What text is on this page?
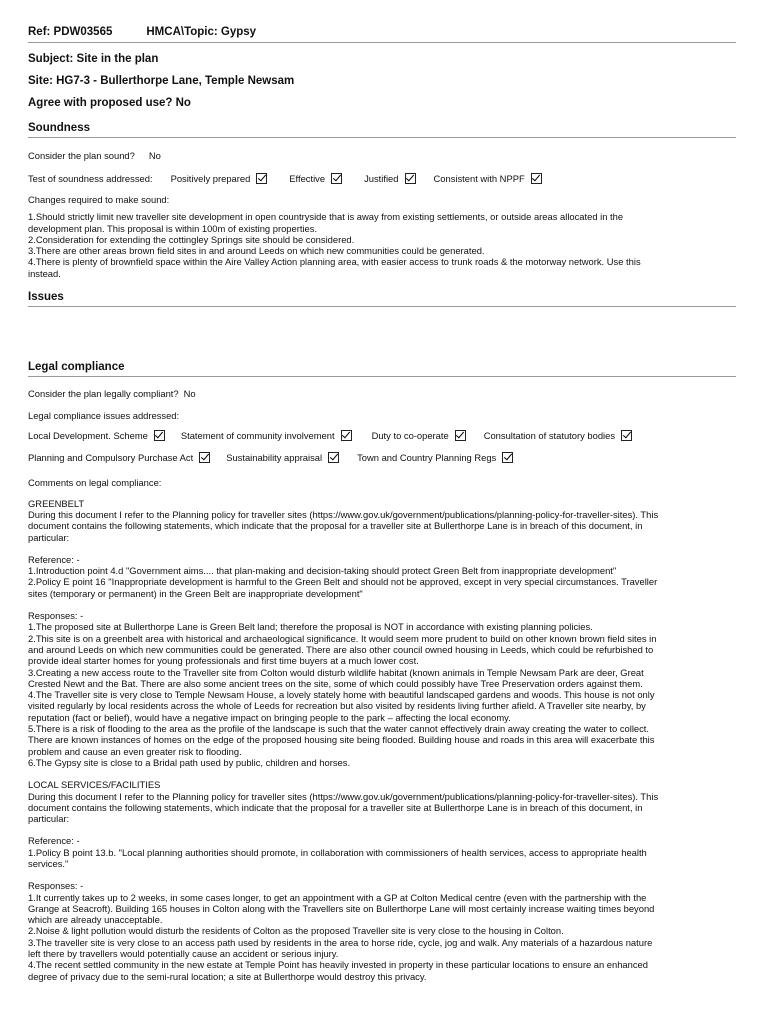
Ref: PDW03565	HMCA\Topic: Gypsy
Subject: Site in the plan
Site: HG7-3 - Bullerthorpe Lane, Temple Newsam
Agree with proposed use? No
Soundness
Consider the plan sound? No
Test of soundness addressed: Positively prepared	Effective	Justified	Consistent with NPPF
Changes required to make sound:

1.Should strictly limit new traveller site development in open countryside that is away from existing settlements, or outside areas allocated in the

development plan. This proposal is within 100m of existing properties.

2.Consideration for extending the cottingley Springs site should be considered.

3.There are other areas brown field sites in and around Leeds on which new communities could be generated.

4.There is plenty of brownfield space within the Aire Valley Action planning area, with easier access to trunk roads & the motorway network. Use this

instead.

Issues
Legal compliance
Consider the plan legally compliant? No
Legal compliance issues addressed:
Local Development. Scheme	Statement of community involvement	Duty to co-operate	Consultation of statutory bodies
Planning and Compulsory Purchase Act	Sustainability appraisal	Town and Country Planning Regs
Comments on legal compliance:
GREENBELT
During this document I refer to the Planning policy for traveller sites (https://www.gov.uk/government/publications/planning-policy-for-traveller-sites). This
document contains the following statements, which indicate that the proposal for a traveller site at Bullerthorpe Lane is in breach of this document, in
particular:
Reference: -
1.Introduction point 4.d "Government aims.... that plan-making and decision-taking should protect Green Belt from inappropriate development"
2.Policy E point 16 "Inappropriate development is harmful to the Green Belt and should not be approved, except in very special circumstances. Traveller
sites (temporary or permanent) in the Green Belt are inappropriate development"
Responses: -
1.The proposed site at Bullerthorpe Lane is Green Belt land; therefore the proposal is NOT in accordance with existing planning policies.
2.This site is on a greenbelt area with historical and archaeological significance. It would seem more prudent to build on other known brown field sites in
and around Leeds on which new communities could be generated. There are also other council owned housing in Leeds, which could be refurbished to
provide ideal starter homes for young professionals and first time buyers at a much lower cost.
3.Creating a new access route to the Traveller site from Colton would disturb wildlife habitat (known animals in Temple Newsam Park are deer, Great
Crested Newt and the Bat. There are also some ancient trees on the site, some of which could possibly have Tree Preservation orders against them.
4.The Traveller site is very close to Temple Newsam House, a lovely stately home with beautiful landscaped gardens and woods. This house is not only
visited regularly by local residents across the whole of Leeds for recreation but also visited by residents living further afield. A Traveller site nearby, by
reputation (fact or belief), would have a negative impact on bringing people to the park – affecting the local economy.
5.There is a risk of flooding to the area as the profile of the landscape is such that the water cannot effectively drain away creating the water to collect.
There are known instances of homes on the edge of the proposed housing site being flooded. Building house and roads in this area will exacerbate this
problem and cause an even greater risk to flooding.
6.The Gypsy site is close to a Bridal path used by public, children and horses.
LOCAL SERVICES/FACILITIES
During this document I refer to the Planning policy for traveller sites (https://www.gov.uk/government/publications/planning-policy-for-traveller-sites). This
document contains the following statements, which indicate that the proposal for a traveller site at Bullerthorpe Lane is in breach of this document, in
particular:
Reference: -
1.Policy B point 13.b. "Local planning authorities should promote, in collaboration with commissioners of health services, access to appropriate health
services."
Responses: -
1.It currently takes up to 2 weeks, in some cases longer, to get an appointment with a GP at Colton Medical centre (even with the partnership with the
Grange at Seacroft). Building 165 houses in Colton along with the Travellers site on Bullerthorpe Lane will most certainly increase waiting times beyond
which are already unacceptable.
2.Noise & light pollution would disturb the residents of Colton as the proposed Traveller site is very close to the housing in Colton.
3.The traveller site is very close to an access path used by residents in the area to horse ride, cycle, jog and walk. Any materials of a hazardous nature
left there by travellers would potentially cause an accident or serious injury.
4.The recent settled community in the new estate at Temple Point has heavily invested in property in these particular locations to ensure an enhanced
degree of privacy due to the semi-rural location; a site at Bullerthorpe would destroy this privacy.
